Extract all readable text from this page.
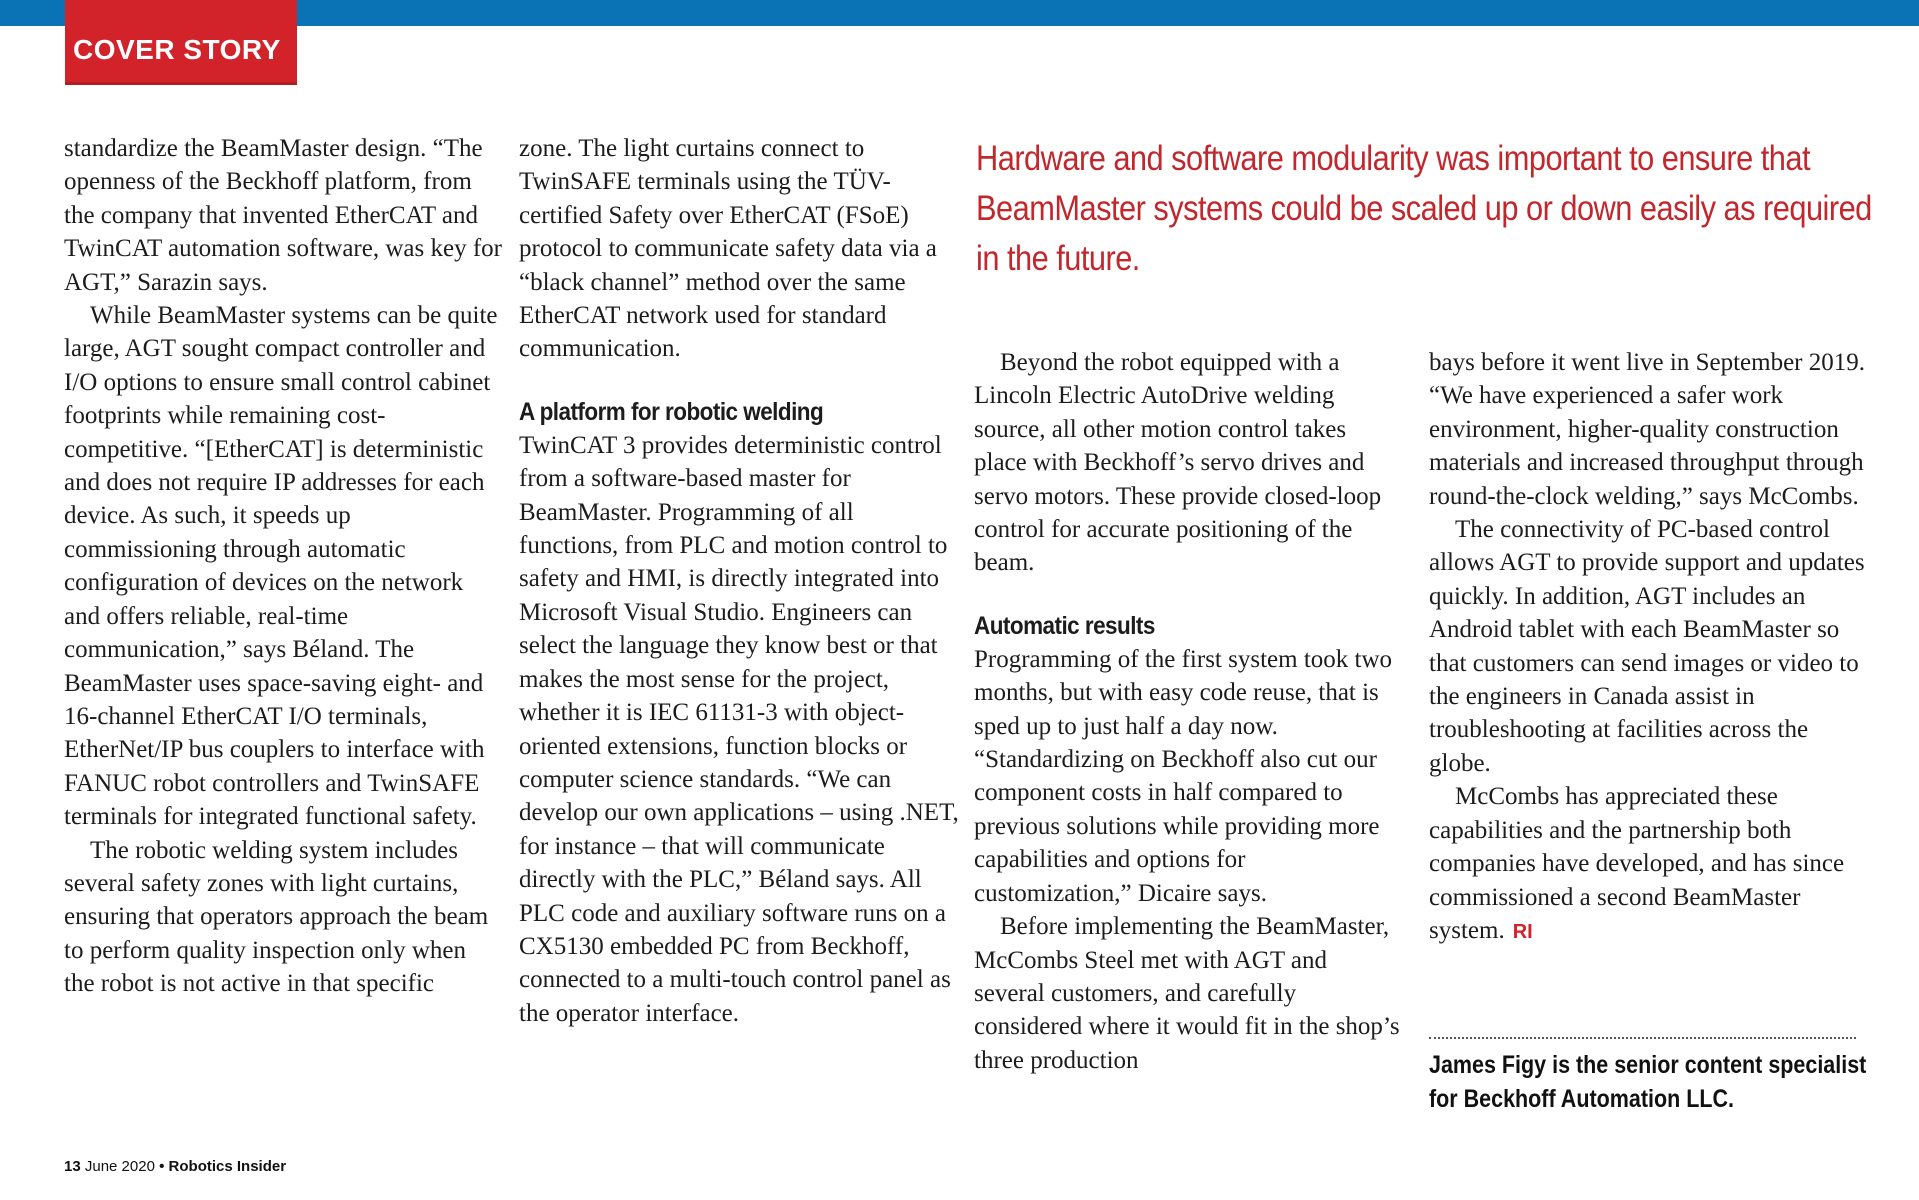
COVER STORY

standardize the BeamMaster design. “The openness of the Beckhoff platform, from the company that invented EtherCAT and TwinCAT automation software, was key for AGT,” Sarazin says.

While BeamMaster systems can be quite large, AGT sought compact controller and I/O options to ensure small control cabinet footprints while remaining cost-competitive. “[EtherCAT] is deterministic and does not require IP addresses for each device. As such, it speeds up commissioning through automatic configuration of devices on the network and offers reliable, real-time communication,” says Béland. The BeamMaster uses space-saving eight- and 16-channel EtherCAT I/O terminals, EtherNet/IP bus couplers to interface with FANUC robot controllers and TwinSAFE terminals for integrated functional safety.

The robotic welding system includes several safety zones with light curtains, ensuring that operators approach the beam to perform quality inspection only when the robot is not active in that specific

zone. The light curtains connect to TwinSAFE terminals using the TÜV-certified Safety over EtherCAT (FSoE) protocol to communicate safety data via a “black channel” method over the same EtherCAT network used for standard communication.

A platform for robotic welding

TwinCAT 3 provides deterministic control from a software-based master for BeamMaster. Programming of all functions, from PLC and motion control to safety and HMI, is directly integrated into Microsoft Visual Studio. Engineers can select the language they know best or that makes the most sense for the project, whether it is IEC 61131-3 with object-oriented extensions, function blocks or computer science standards. “We can develop our own applications – using .NET, for instance – that will communicate directly with the PLC,” Béland says. All PLC code and auxiliary software runs on a CX5130 embedded PC from Beckhoff, connected to a multi-touch control panel as the operator interface.

Hardware and software modularity was important to ensure that BeamMaster systems could be scaled up or down easily as required in the future.

Beyond the robot equipped with a Lincoln Electric AutoDrive welding source, all other motion control takes place with Beckhoff’s servo drives and servo motors. These provide closed-loop control for accurate positioning of the beam.

Automatic results

Programming of the first system took two months, but with easy code reuse, that is sped up to just half a day now. “Standardizing on Beckhoff also cut our component costs in half compared to previous solutions while providing more capabilities and options for customization,” Dicaire says.

Before implementing the BeamMaster, McCombs Steel met with AGT and several customers, and carefully considered where it would fit in the shop’s three production

bays before it went live in September 2019. “We have experienced a safer work environment, higher-quality construction materials and increased throughput through round-the-clock welding,” says McCombs.

The connectivity of PC-based control allows AGT to provide support and updates quickly. In addition, AGT includes an Android tablet with each BeamMaster so that customers can send images or video to the engineers in Canada assist in troubleshooting at facilities across the globe.

McCombs has appreciated these capabilities and the partnership both companies have developed, and has since commissioned a second BeamMaster system. RI

James Figy is the senior content specialist for Beckhoff Automation LLC.

13 June 2020 • Robotics Insider
